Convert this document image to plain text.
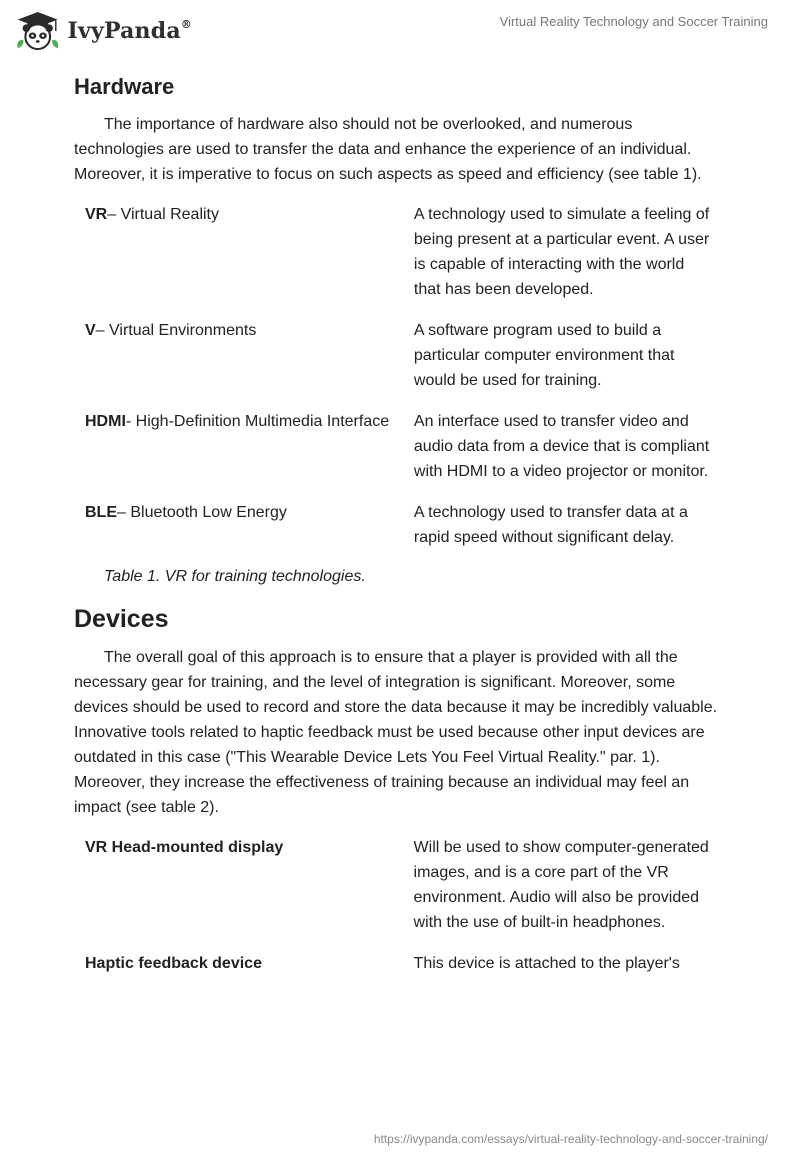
IvyPanda®	Virtual Reality Technology and Soccer Training
Hardware

The importance of hardware also should not be overlooked, and numerous technologies are used to transfer the data and enhance the experience of an individual. Moreover, it is imperative to focus on such aspects as speed and efficiency (see table 1).

VR– Virtual Reality	A technology used to simulate a feeling of being present at a particular event. A user is capable of interacting with the world that has been developed.
V– Virtual Environments	A software program used to build a particular computer environment that would be used for training.
HDMI- High-Definition Multimedia Interface	An interface used to transfer video and audio data from a device that is compliant with HDMI to a video projector or monitor.
BLE– Bluetooth Low Energy	A technology used to transfer data at a rapid speed without significant delay.

Table 1. VR for training technologies.

Devices

The overall goal of this approach is to ensure that a player is provided with all the necessary gear for training, and the level of integration is significant. Moreover, some devices should be used to record and store the data because it may be incredibly valuable. Innovative tools related to haptic feedback must be used because other input devices are outdated in this case ("This Wearable Device Lets You Feel Virtual Reality." par. 1). Moreover, they increase the effectiveness of training because an individual may feel an impact (see table 2).

VR Head-mounted display	Will be used to show computer-generated images, and is a core part of the VR environment. Audio will also be provided with the use of built-in headphones.
Haptic feedback device	This device is attached to the player's
https://ivypanda.com/essays/virtual-reality-technology-and-soccer-training/
